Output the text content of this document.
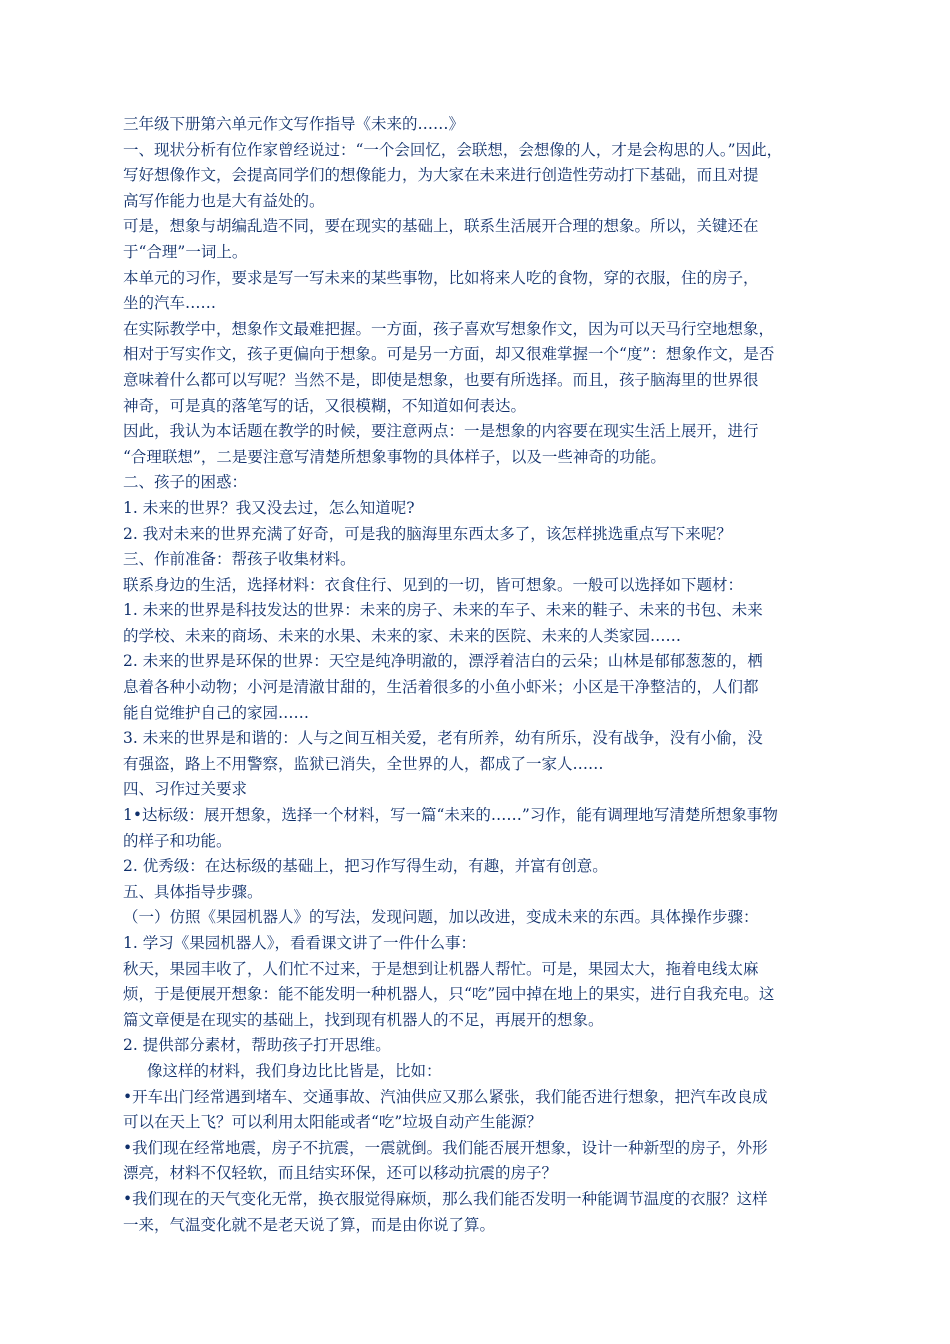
三年级下册第六单元作文写作指导《未来的……》
一、现状分析有位作家曾经说过：“一个会回忆，会联想，会想像的人，才是会构思的人。”因此，
写好想像作文，会提高同学们的想像能力，为大家在未来进行创造性劳动打下基础，而且对提
高写作能力也是大有益处的。
可是，想象与胡编乱造不同，要在现实的基础上，联系生活展开合理的想象。所以，关键还在
于“合理”一词上。
本单元的习作，要求是写一写未来的某些事物，比如将来人吃的食物，穿的衣服，住的房子，
坐的汽车……
在实际教学中，想象作文最难把握。一方面，孩子喜欢写想象作文，因为可以天马行空地想象，
相对于写实作文，孩子更偏向于想象。可是另一方面，却又很难掌握一个“度”：想象作文，是否
意味着什么都可以写呢？当然不是，即使是想象，也要有所选择。而且，孩子脑海里的世界很
神奇，可是真的落笔写的话，又很模糊，不知道如何表达。
因此，我认为本话题在教学的时候，要注意两点：一是想象的内容要在现实生活上展开，进行
“合理联想”，二是要注意写清楚所想象事物的具体样子，以及一些神奇的功能。
二、孩子的困惑：
1. 未来的世界？我又没去过，怎么知道呢?
2. 我对未来的世界充满了好奇，可是我的脑海里东西太多了，该怎样挑选重点写下来呢？
三、作前准备：帮孩子收集材料。
联系身边的生活，选择材料：衣食住行、见到的一切，皆可想象。一般可以选择如下题材：
1. 未来的世界是科技发达的世界：未来的房子、未来的车子、未来的鞋子、未来的书包、未来
的学校、未来的商场、未来的水果、未来的家、未来的医院、未来的人类家园……
2. 未来的世界是环保的世界：天空是纯净明澈的，漂浮着洁白的云朵；山林是郁郁葱葱的，栖
息着各种小动物；小河是清澈甘甜的，生活着很多的小鱼小虾米；小区是干净整洁的，人们都
能自觉维护自己的家园……
3. 未来的世界是和谐的：人与之间互相关爱，老有所养，幼有所乐，没有战争，没有小偷，没
有强盗，路上不用警察，监狱已消失，全世界的人，都成了一家人……
四、习作过关要求
1•达标级：展开想象，选择一个材料，写一篇“未来的……”习作，能有调理地写清楚所想象事物
的样子和功能。
2. 优秀级：在达标级的基础上，把习作写得生动，有趣，并富有创意。
五、具体指导步骤。
（一）仿照《果园机器人》的写法，发现问题，加以改进，变成未来的东西。具体操作步骤：
1. 学习《果园机器人》，看看课文讲了一件什么事：
秋天，果园丰收了，人们忙不过来，于是想到让机器人帮忙。可是，果园太大，拖着电线太麻
烦，于是便展开想象：能不能发明一种机器人，只“吃”园中掉在地上的果实，进行自我充电。这
篇文章便是在现实的基础上，找到现有机器人的不足，再展开的想象。
2. 提供部分素材，帮助孩子打开思维。
像这样的材料，我们身边比比皆是，比如：
•开车出门经常遇到堵车、交通事故、汽油供应又那么紧张，我们能否进行想象，把汽车改良成
可以在天上飞？可以利用太阳能或者“吃”垃圾自动产生能源？
•我们现在经常地震，房子不抗震，一震就倒。我们能否展开想象，设计一种新型的房子，外形
漂亮，材料不仅轻软，而且结实环保，还可以移动抗震的房子？
•我们现在的天气变化无常，换衣服觉得麻烦，那么我们能否发明一种能调节温度的衣服？这样
一来，气温变化就不是老天说了算，而是由你说了算。
